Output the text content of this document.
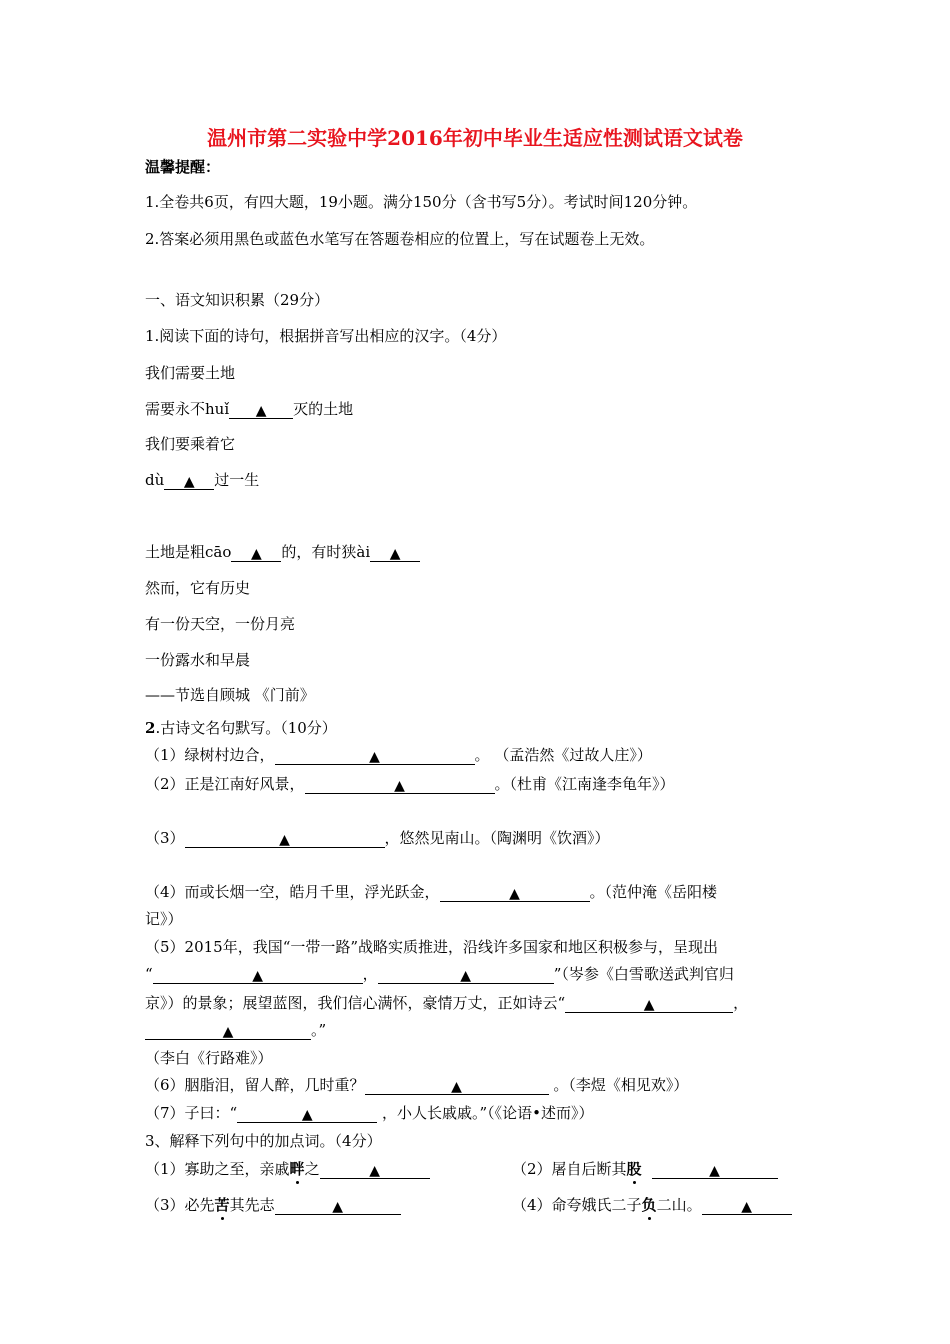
温州市第二实验中学2016年初中毕业生适应性测试语文试卷
温馨提醒：
1.全卷共6页，有四大题，19小题。满分150分（含书写5分）。考试时间120分钟。
2.答案必须用黑色或蓝色水笔写在答题卷相应的位置上，写在试题卷上无效。
一、语文知识积累（29分）
1.阅读下面的诗句，根据拼音写出相应的汉字。（4分）
我们需要土地
需要永不huǐ ▲ 灭的土地
我们要乘着它
dù ▲ 过一生
土地是粗cāo ▲ 的，有时狭ài ▲
然而，它有历史
有一份天空，一份月亮
一份露水和早晨
——节选自顾城 《门前》
2.古诗文名句默写。（10分）
（1）绿树村边合，	▲	。 （孟浩然《过故人庄》）
（2）正是江南好风景，	▲	。（杜甫《江南逢李龟年》）
（3）	▲	，悠然见南山。（陶渊明《饮酒》）
（4）而或长烟一空，皓月千里，浮光跃金，	▲	。（范仲淹《岳阳楼
记》）
（5）2015年，我国“一带一路”战略实质推进，沿线许多国家和地区积极参与，呈现出
“	▲	，	▲	”（岑参《白雪歌送武判官归
京》）的景象；展望蓝图，我们信心满怀，豪情万丈，正如诗云“	▲	，
▲	。”
（李白《行路难》）
（6）胭脂泪，留人醉，几时重？	▲	。（李煜《相见欢》）
（7）子曰：“	▲	，小人长戚戚。”（《论语•述而》）
3、解释下列句中的加点词。（4分）
（1）寡助之至，亲戚畔之	▲	（2）屠自后断其股	▲
（3）必先苦其先志	▲	（4）命夸娥氏二子负二山。	▲
